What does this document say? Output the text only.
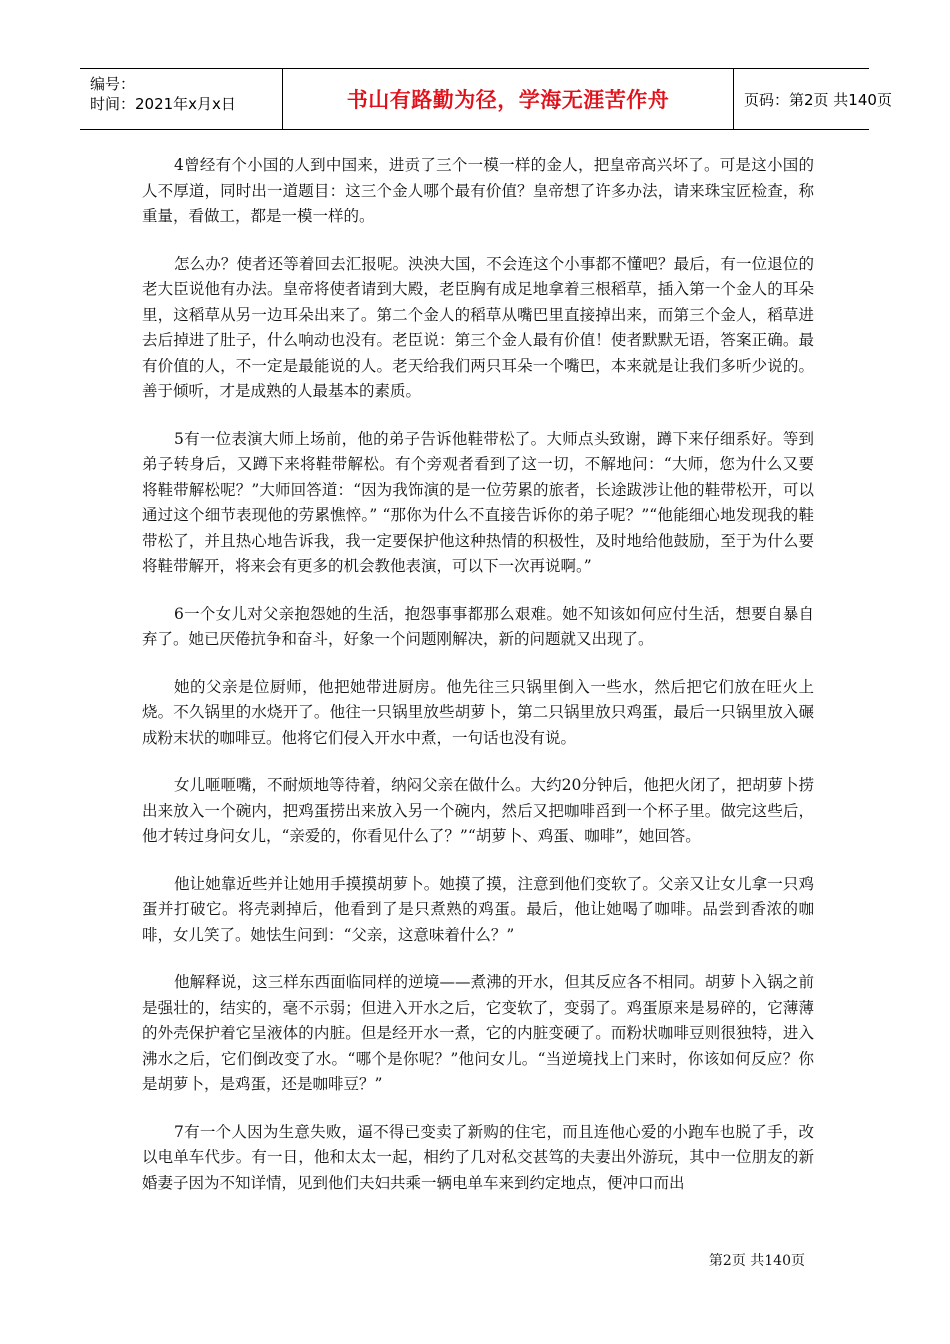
编号：
时间：2021年x月x日	书山有路勤为径，学海无涯苦作舟	页码：第2页 共140页

4曾经有个小国的人到中国来，进贡了三个一模一样的金人，把皇帝高兴坏了。可是这小国的人不厚道，同时出一道题目：这三个金人哪个最有价值？皇帝想了许多办法，请来珠宝匠检查，称重量，看做工，都是一模一样的。

怎么办？使者还等着回去汇报呢。泱泱大国，不会连这个小事都不懂吧？最后，有一位退位的老大臣说他有办法。皇帝将使者请到大殿，老臣胸有成足地拿着三根稻草，插入第一个金人的耳朵里，这稻草从另一边耳朵出来了。第二个金人的稻草从嘴巴里直接掉出来，而第三个金人，稻草进去后掉进了肚子，什么响动也没有。老臣说：第三个金人最有价值！使者默默无语，答案正确。最有价值的人，不一定是最能说的人。老天给我们两只耳朵一个嘴巴，本来就是让我们多听少说的。善于倾听，才是成熟的人最基本的素质。

5有一位表演大师上场前，他的弟子告诉他鞋带松了。大师点头致谢，蹲下来仔细系好。等到弟子转身后，又蹲下来将鞋带解松。有个旁观者看到了这一切，不解地问：“大师，您为什么又要将鞋带解松呢？”大师回答道：“因为我饰演的是一位劳累的旅者，长途跋涉让他的鞋带松开，可以通过这个细节表现他的劳累憔悴。” “那你为什么不直接告诉你的弟子呢？”“他能细心地发现我的鞋带松了，并且热心地告诉我，我一定要保护他这种热情的积极性，及时地给他鼓励，至于为什么要将鞋带解开，将来会有更多的机会教他表演，可以下一次再说啊。”

6一个女儿对父亲抱怨她的生活，抱怨事事都那么艰难。她不知该如何应付生活，想要自暴自弃了。她已厌倦抗争和奋斗，好象一个问题刚解决，新的问题就又出现了。

她的父亲是位厨师，他把她带进厨房。他先往三只锅里倒入一些水，然后把它们放在旺火上烧。不久锅里的水烧开了。他往一只锅里放些胡萝卜，第二只锅里放只鸡蛋，最后一只锅里放入碾成粉末状的咖啡豆。他将它们侵入开水中煮，一句话也没有说。

女儿咂咂嘴，不耐烦地等待着，纳闷父亲在做什么。大约20分钟后，他把火闭了，把胡萝卜捞出来放入一个碗内，把鸡蛋捞出来放入另一个碗内，然后又把咖啡舀到一个杯子里。做完这些后，他才转过身问女儿，“亲爱的，你看见什么了？”“胡萝卜、鸡蛋、咖啡”，她回答。

他让她靠近些并让她用手摸摸胡萝卜。她摸了摸，注意到他们变软了。父亲又让女儿拿一只鸡蛋并打破它。将壳剥掉后，他看到了是只煮熟的鸡蛋。最后，他让她喝了咖啡。品尝到香浓的咖啡，女儿笑了。她怯生问到：“父亲，这意味着什么？”

他解释说，这三样东西面临同样的逆境——煮沸的开水，但其反应各不相同。胡萝卜入锅之前是强壮的，结实的，毫不示弱；但进入开水之后，它变软了，变弱了。鸡蛋原来是易碎的，它薄薄的外壳保护着它呈液体的内脏。但是经开水一煮，它的内脏变硬了。而粉状咖啡豆则很独特，进入沸水之后，它们倒改变了水。“哪个是你呢？”他问女儿。“当逆境找上门来时，你该如何反应？你是胡萝卜，是鸡蛋，还是咖啡豆？”

7有一个人因为生意失败，逼不得已变卖了新购的住宅，而且连他心爱的小跑车也脱了手，改以电单车代步。有一日，他和太太一起，相约了几对私交甚笃的夫妻出外游玩，其中一位朋友的新婚妻子因为不知详情，见到他们夫妇共乘一辆电单车来到约定地点，便冲口而出

第2页 共140页
